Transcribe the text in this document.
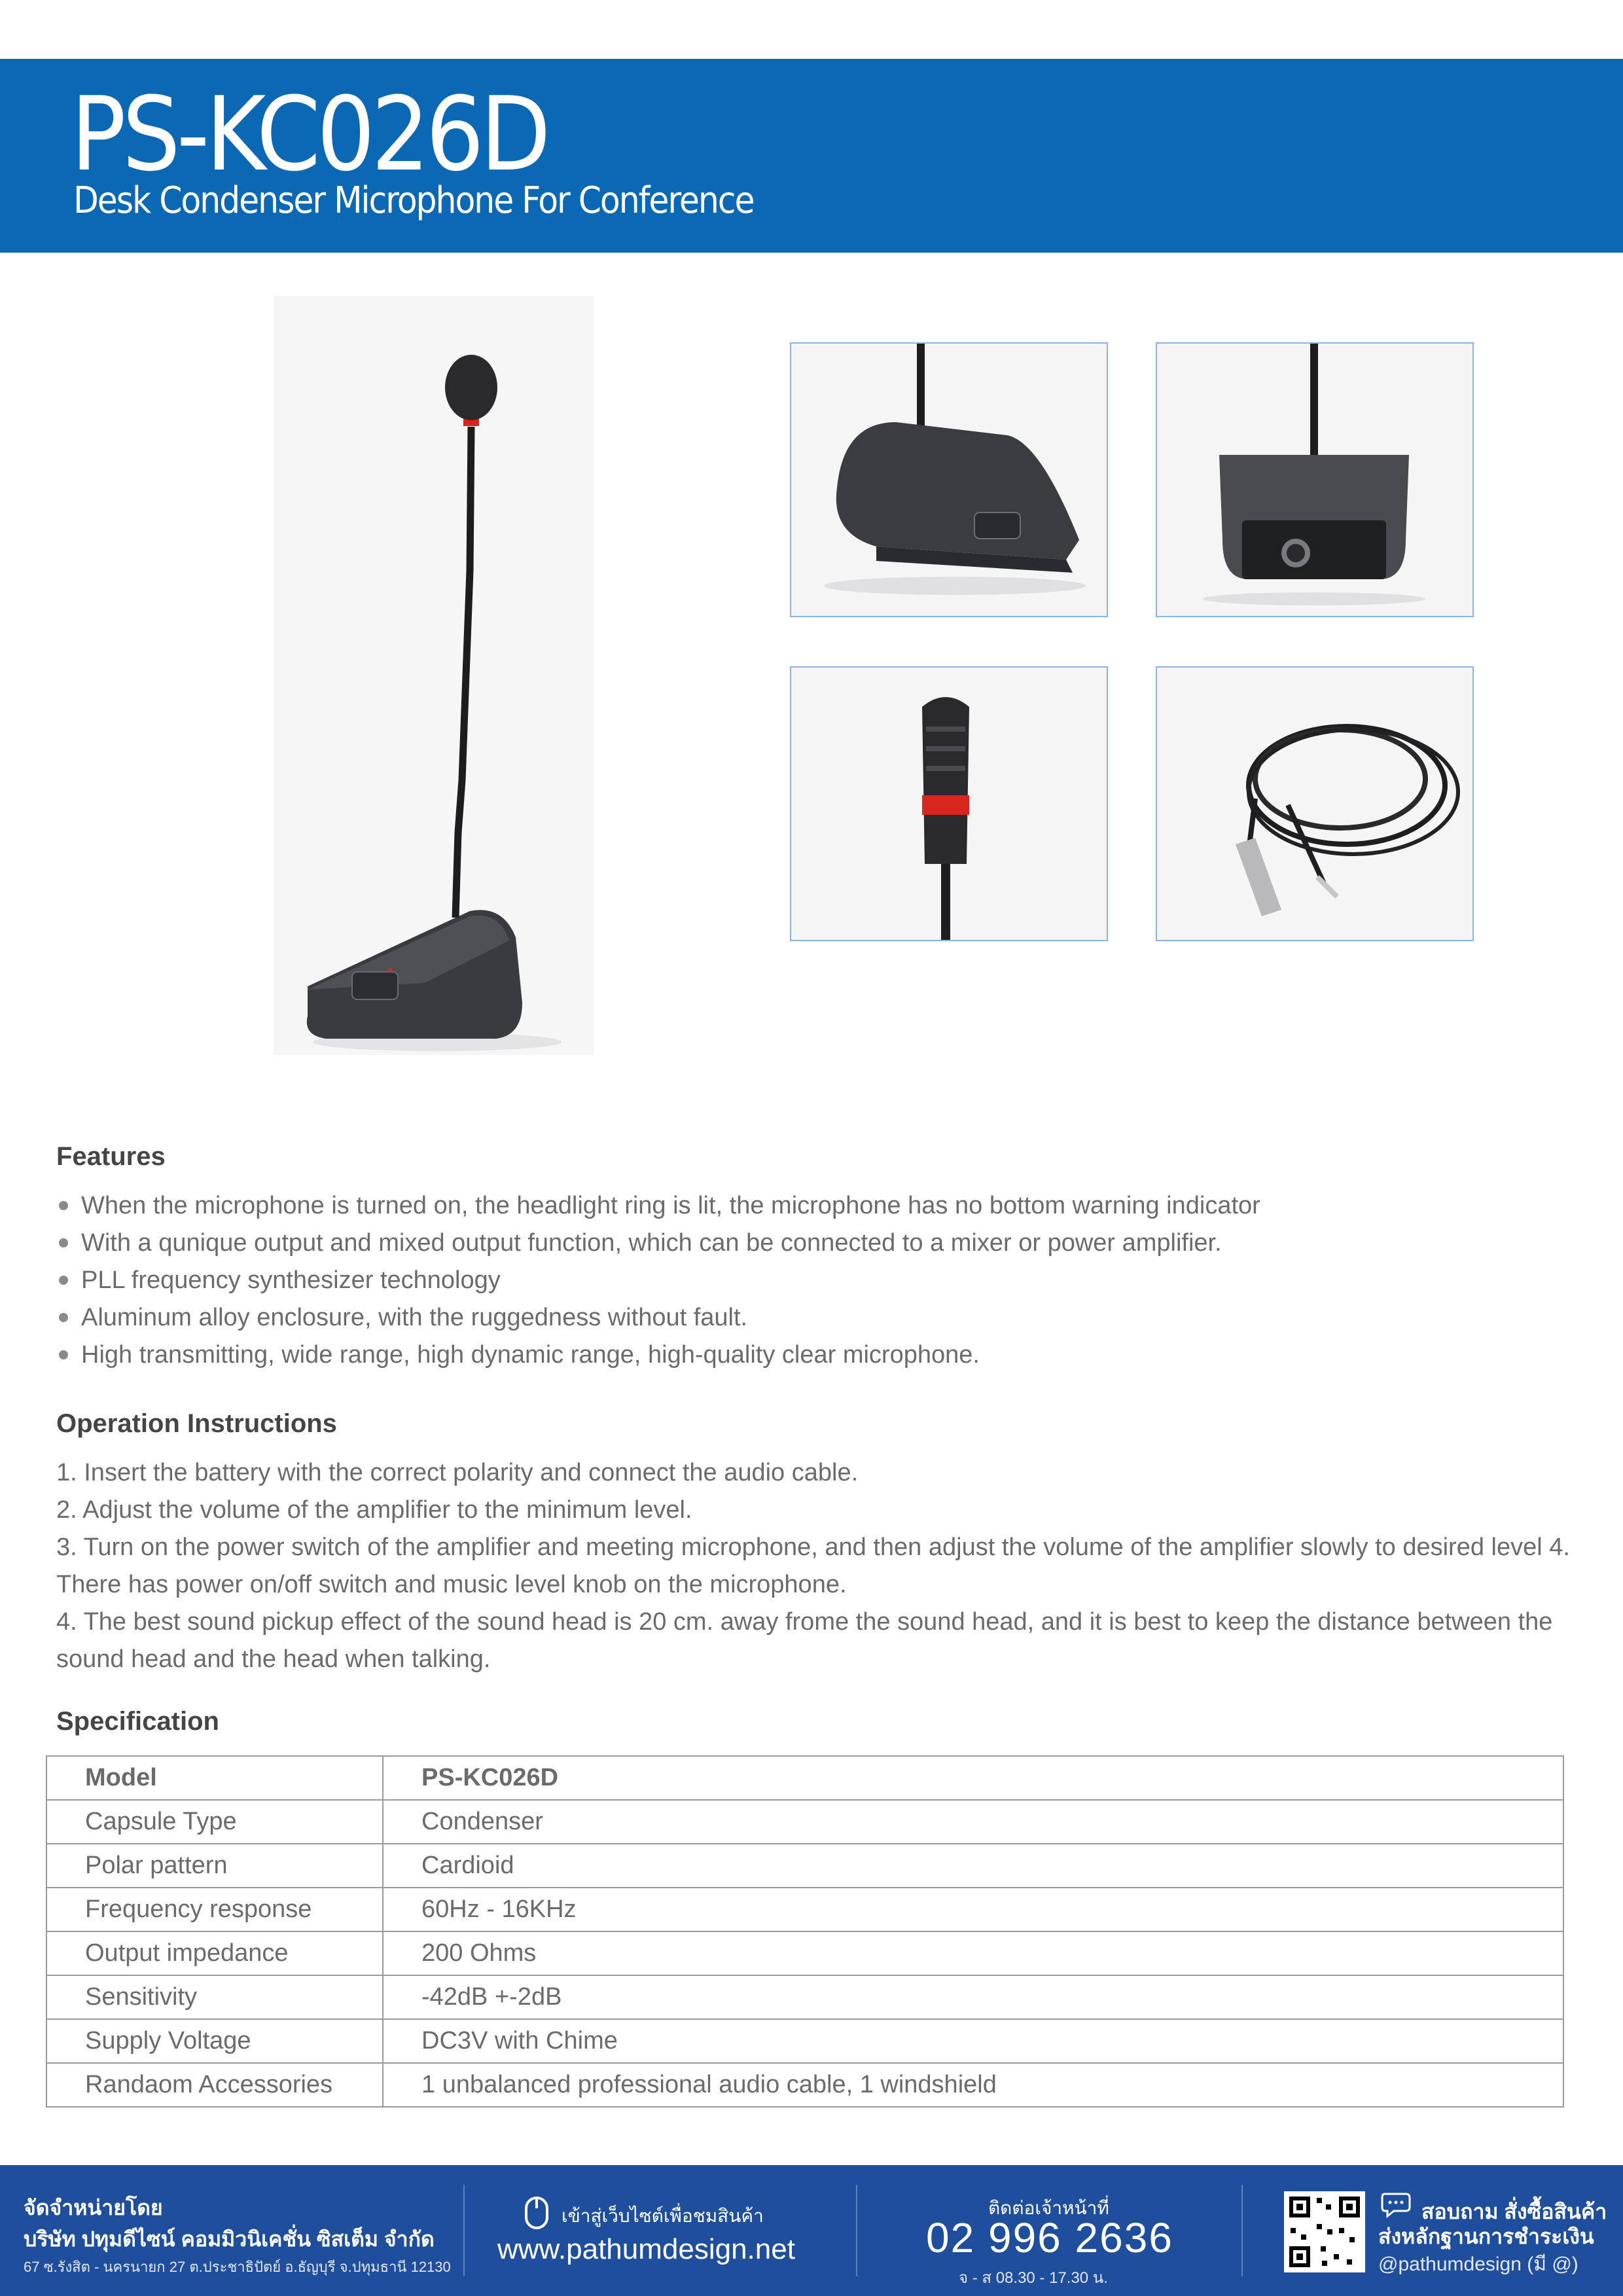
PS-KC026D
Desk Condenser Microphone For Conference
Features
When the microphone is turned on, the headlight ring is lit, the microphone has no bottom warning indicator
With a qunique output and mixed output function, which can be connected to a mixer or power amplifier.
PLL frequency synthesizer technology
Aluminum alloy enclosure, with the ruggedness without fault.
High transmitting, wide range, high dynamic range, high-quality clear microphone.
Operation Instructions

1. Insert the battery with the correct polarity and connect the audio cable.

2. Adjust the volume of the amplifier to the minimum level.

3. Turn on the power switch of the amplifier and meeting microphone, and then adjust the volume of the amplifier slowly to desired level 4. There has power on/off switch and music level knob on the microphone.

4. The best sound pickup effect of the sound head is 20 cm. away frome the sound head, and it is best to keep the distance between the sound head and the head when talking.

Specification
Model	PS-KC026D
Capsule Type	Condenser
Polar pattern	Cardioid
Frequency response	60Hz - 16KHz
Output impedance	200 Ohms
Sensitivity	-42dB +-2dB
Supply Voltage	DC3V with Chime
Randaom Accessories	1 unbalanced professional audio cable, 1 windshield
จัดจำหน่ายโดย
บริษัท ปทุมดีไซน์ คอมมิวนิเคชั่น ซิสเต็ม จำกัด
67 ซ.รังสิต - นครนายก 27 ต.ประชาธิปัตย์ อ.ธัญบุรี จ.ปทุมธานี 12130
เข้าสู่เว็บไซต์เพื่อชมสินค้า
www.pathumdesign.net
ติดต่อเจ้าหน้าที่
02 996 2636
จ - ส 08.30 - 17.30 น.
สอบถาม สั่งซื้อสินค้า
ส่งหลักฐานการชำระเงิน
@pathumdesign (มี @)
